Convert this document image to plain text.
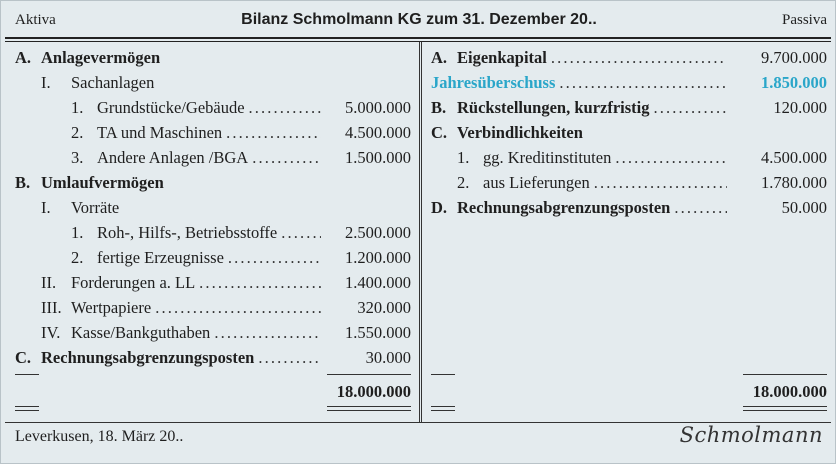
Aktiva	Bilanz Schmolmann KG zum 31. Dezember 20..	Passiva
A. Anlagevermögen
I. Sachanlagen
1. Grundstücke/Gebäude . . .	5.000.000
2. TA und Maschinen . . .	4.500.000
3. Andere Anlagen /BGA . . .	1.500.000
B. Umlaufvermögen
I. Vorräte
1. Roh-, Hilfs-, Betriebsstoffe . . .	2.500.000
2. fertige Erzeugnisse . . .	1.200.000
II. Forderungen a. LL . . .	1.400.000
III. Wertpapiere . . .	320.000
IV. Kasse/Bankguthaben . . .	1.550.000
C. Rechnungsabgrenzungsposten . . .	30.000
A. Eigenkapital . . .	9.700.000
Jahresüberschuss . . .	1.850.000
B. Rückstellungen, kurzfristig . . .	120.000
C. Verbindlichkeiten
1. gg. Kreditinstituten . . .	4.500.000
2. aus Lieferungen . . .	1.780.000
D. Rechnungsabgrenzungsposten . . .	50.000
18.000.000	18.000.000
Leverkusen, 18. März 20..	Schmolmann
